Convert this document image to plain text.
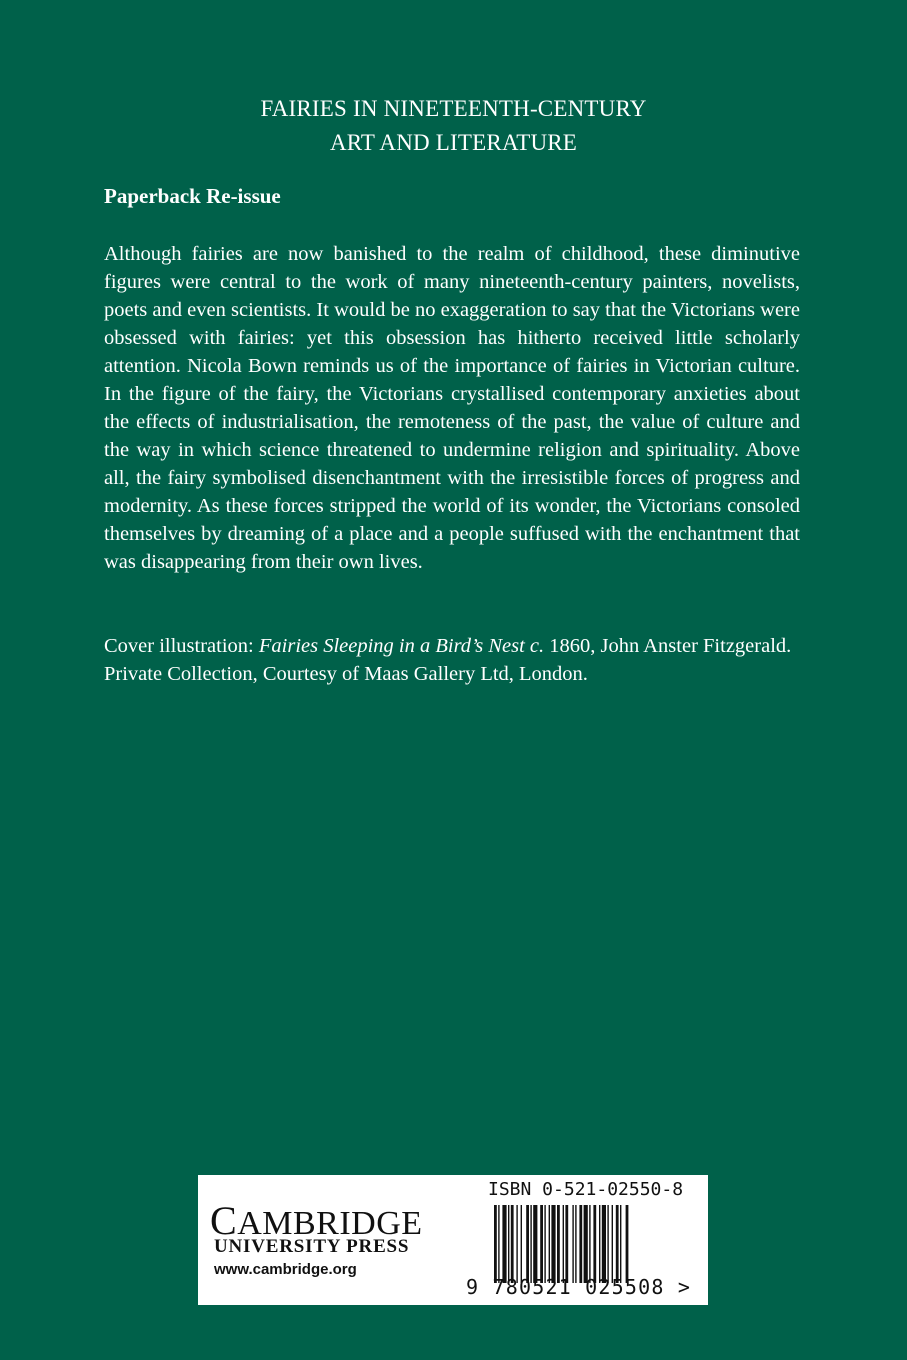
FAIRIES IN NINETEENTH-CENTURY
ART AND LITERATURE
Paperback Re-issue

Although fairies are now banished to the realm of childhood, these diminutive figures were central to the work of many nineteenth-century painters, novelists, poets and even scientists. It would be no exaggeration to say that the Victorians were obsessed with fairies: yet this obsession has hitherto received little scholarly attention. Nicola Bown reminds us of the importance of fairies in Victorian culture. In the figure of the fairy, the Victorians crystallised contemporary anxieties about the effects of industrialisation, the remoteness of the past, the value of culture and the way in which science threatened to undermine religion and spirituality. Above all, the fairy symbolised disenchantment with the irresistible forces of progress and modernity. As these forces stripped the world of its wonder, the Victorians consoled themselves by dreaming of a place and a people suffused with the enchantment that was disappearing from their own lives.

Cover illustration: Fairies Sleeping in a Bird’s Nest c. 1860, John Anster Fitzgerald. Private Collection, Courtesy of Maas Gallery Ltd, London.

CAMBRIDGE
UNIVERSITY PRESS
www.cambridge.org
ISBN 0-521-02550-8
9 780521 025508 >
